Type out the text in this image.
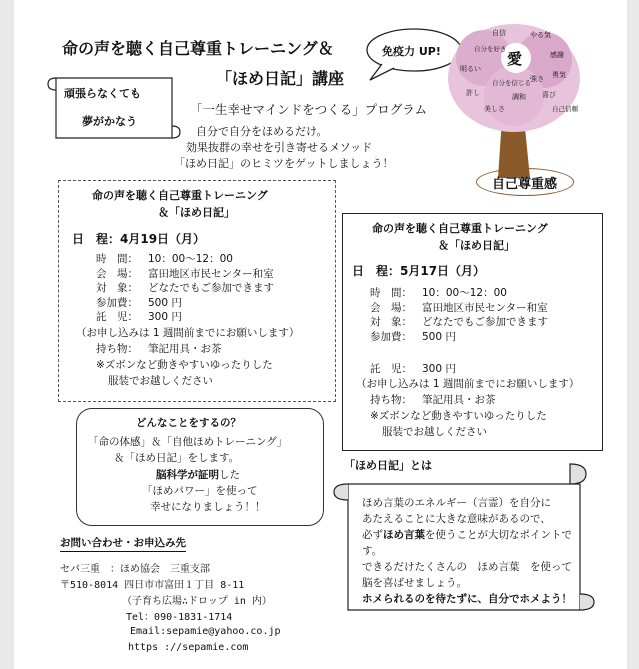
命の声を聴く自己尊重トレーニング＆
「ほめ日記」講座
免疫力 UP!
頑張らなくても
夢がかなう
「一生幸せマインドをつくる」プログラム
自分で自分をほめるだけ。
効果抜群の幸せを引き寄せるメソッド
「ほめ日記」のヒミツをゲットしましょう！
愛
明るい
自信	やる気
感謝
自分を好き
自分を信じる 強さ 勇気
許し	調和 喜び
美しさ	自己信頼
自己尊重感
命の声を聴く自己尊重トレーニング
＆「ほめ日記」
日　程：4月19日（月）
時　間： 10：00～12：00
会　場： 富田地区市民センター和室
対　象： どなたでもご参加できます
参加費： 500 円
託　児： 300 円
（お申し込みは 1 週間前までにお願いします）
持ち物： 筆記用具・お茶
※ズボンなど動きやすいゆったりした
服装でお越しください
命の声を聴く自己尊重トレーニング
＆「ほめ日記」
日　程：5月17日（月）
時　間： 10：00～12：00
会　場： 富田地区市民センター和室
対　象： どなたでもご参加できます
参加費： 500 円
託　児： 300 円
（お申し込みは 1 週間前までにお願いします）
持ち物： 筆記用具・お茶
※ズボンなど動きやすいゆったりした
服装でお越しください
どんなことをするの？
「命の体感」＆「自他ほめトレーニング」
＆「ほめ日記」をします。
脳科学が証明した
「ほめパワー」を使って
幸せになりましょう！！
お問い合わせ・お申込み先
セパ三重　：ほめ協会　三重支部
〒510-8014 四日市市富田１丁目 8-11
（子育ち広場∴ドロップ in 内）
Tel：090-1831-1714
Email:sepamie@yahoo.co.jp
https ://sepamie.com
「ほめ日記」とは
ほめ言葉のエネルギー（言霊）を自分に
あたえることに大きな意味があるので、
必ずほめ言葉を使うことが大切なポイントで
す。
できるだけたくさんの　ほめ言葉　を使って
脳を喜ばせましょう。
ホメられるのを待たずに、自分でホメよう！
